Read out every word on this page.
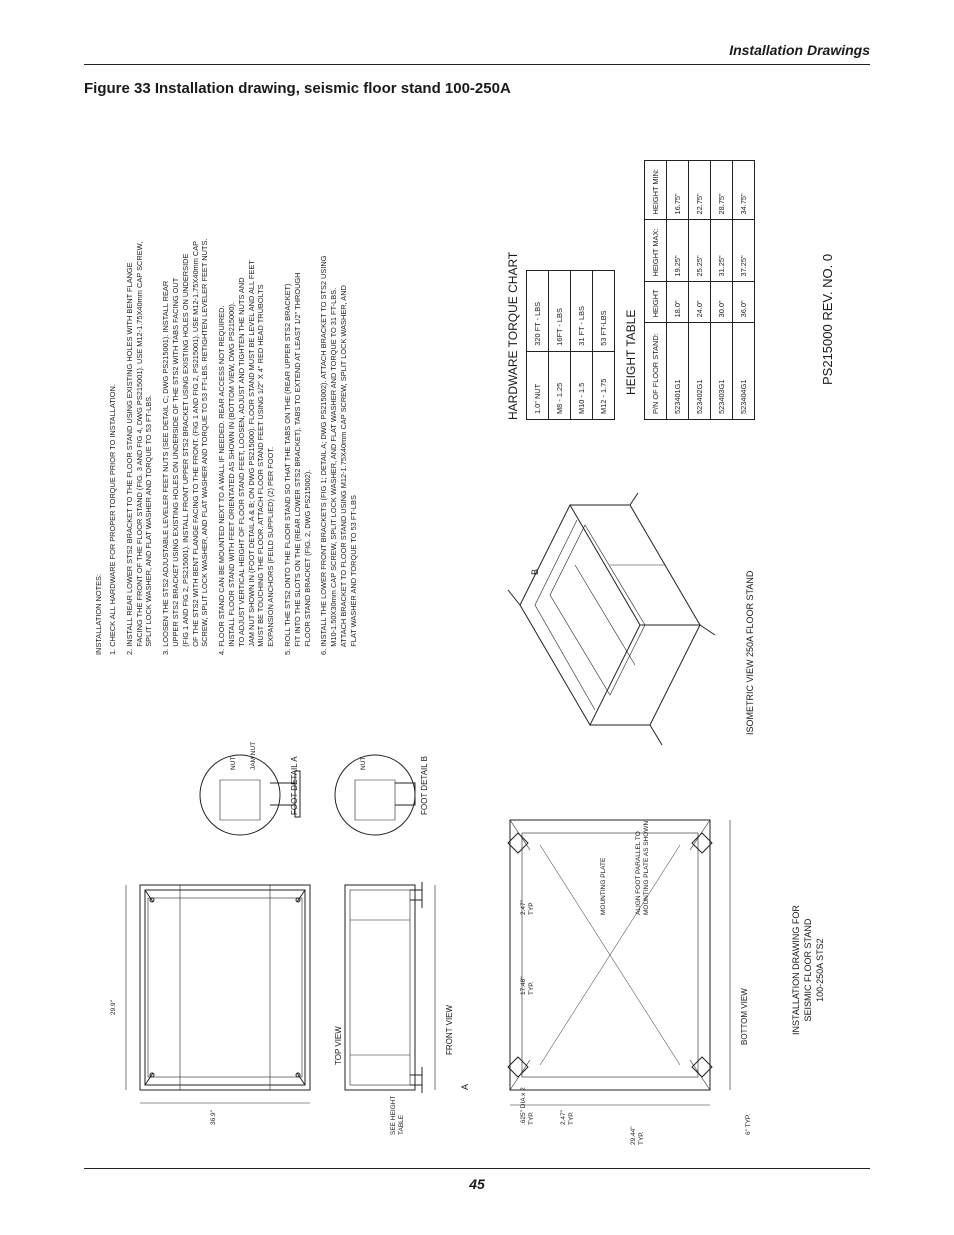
Installation Drawings
Figure 33 Installation drawing, seismic floor stand 100-250A
INSTALLATION NOTES: 1. CHECK ALL HARDWARE FOR PROPER TORQUE PRIOR TO INSTALLATION. 2. INSTALL REAR LOWER STS2 BRACKET TO THE FLOOR STAND USING EXISTING HOLES WITH BENT FLANGE
FACING THE FRONT OF THE FLOOR STAND (FIG. 3 AND FIG 4, DWG PS215001). USE M12-1.75X40mm CAP SCREW,
SPLIT LOCK WASHER, AND FLAT WASHER AND TORQUE TO 53 FT-LBS.
3. LOOSEN THE STS2 ADJUSTABLE LEVELER FEET NUTS (SEE DETAIL C; DWG PS215001). INSTALL REAR
UPPER STS2 BRACKET USING EXISTING HOLES ON UNDERSIDE OF THE STS2 WITH TABS FACING OUT
(FIG 1 AND FIG 2, PS215001). INSTALL FRONT UPPER STS2 BRACKET USING EXISTING HOLES ON UNDERSIDE
OF THE STS2 WITH BENT FLANGE FACING TO THE FRONT. (FIG 1 AND FIG 2, PS215001). USE M12-1.75X40mm CAP
SCREW, SPLIT LOCK WASHER, AND FLAT WASHER AND TORQUE TO 53 FT-LBS. RETIGHTEN LEVELER FEET NUTS.
4. FLOOR STAND CAN BE MOUNTED NEXT TO A WALL IF NEEDED. REAR ACCESS NOT REQUIRED.
INSTALL FLOOR STAND WITH FEET ORIENTATED AS SHOWN IN (BOTTOM VIEW, DWG PS215000).
TO ADJUST VERTICAL HEIGHT OF FLOOR STAND FEET, LOOSEN, ADJUST AND TIGHTEN THE NUTS AND
JAM NUT SHOWN IN (FOOT DETAIL A & B; ON DWG PS215000). FLOOR STAND MUST BE LEVEL AND ALL FEET
MUST BE TOUCHING THE FLOOR. ATTACH FLOOR STAND FEET USING 1/2" X 4" RED HEAD TRUBOLTS
EXPANSION ANCHORS (FEILD SUPPLIED) (2) PER FOOT.
5. ROLL THE STS2 ONTO THE FLOOR STAND SO THAT THE TABS ON THE (REAR UPPER STS2 BRACKET)
FIT INTO THE SLOTS ON THE (REAR LOWER STS2 BRACKET). TABS TO EXTEND AT LEAST 1/2" THROUGH
FLOOR STAND BRACKET (FIG. 2, DWG PS215002).
6. INSTALL THE LOWER FRONT BRACKETS (FIG 1; DETAIL A; DWG PS215002). ATTACH BRACKET TO STS2 USING
M10-1.50X30mm CAP SCREW, SPLIT LOCK WASHER, AND FLAT WASHER AND TORQUE TO 31 FT-LBS.
ATTACH BRACKET TO FLOOR STAND USING M12-1.75X40mm CAP SCREW, SPLIT LOCK WASHER, AND
FLAT WASHER AND TORQUE TO 53 FT-LBS
HARDWARE TORQUE CHART 1.0" NUT	320 FT - LBS
M8 - 1.25	16FT - LBS
M10 - 1.5	31 FT - LBS
M12 - 1.75	53 FT-LBS HEIGHT TABLE P/N OF FLOOR STAND:	HEIGHT	HEIGHT MAX:	HEIGHT MIN:
523401G1	18.0"	19.25"	16.75"
523402G1	24.0"	25.25"	22.75"
523403G1	30.0"	31.25"	28.75"
523404G1	36.0"	37.25"	34.75"
PS215000 REV. NO. 0
INSTALLATION DRAWING FOR SEISMIC FLOOR STAND 100-250A STS2
ISOMETRIC VIEW 250A FLOOR STAND
TOP VIEW	FRONT VIEW	BOTTOM VIEW
FOOT DETAIL A	FOOT DETAIL B
NUT JAM NUT	NUT
29.9"
36.9"	SEE HEIGHT TABLE
2.47" TYP
17.48" TYP.
.625" DIA x 2 TYP.	2.47" TYP.
29.44" TYP.
6" TYP.
MOUNTING PLATE	ALIGN FOOT PARALLEL TO MOUNTING PLATE AS SHOWN
A
B
45
